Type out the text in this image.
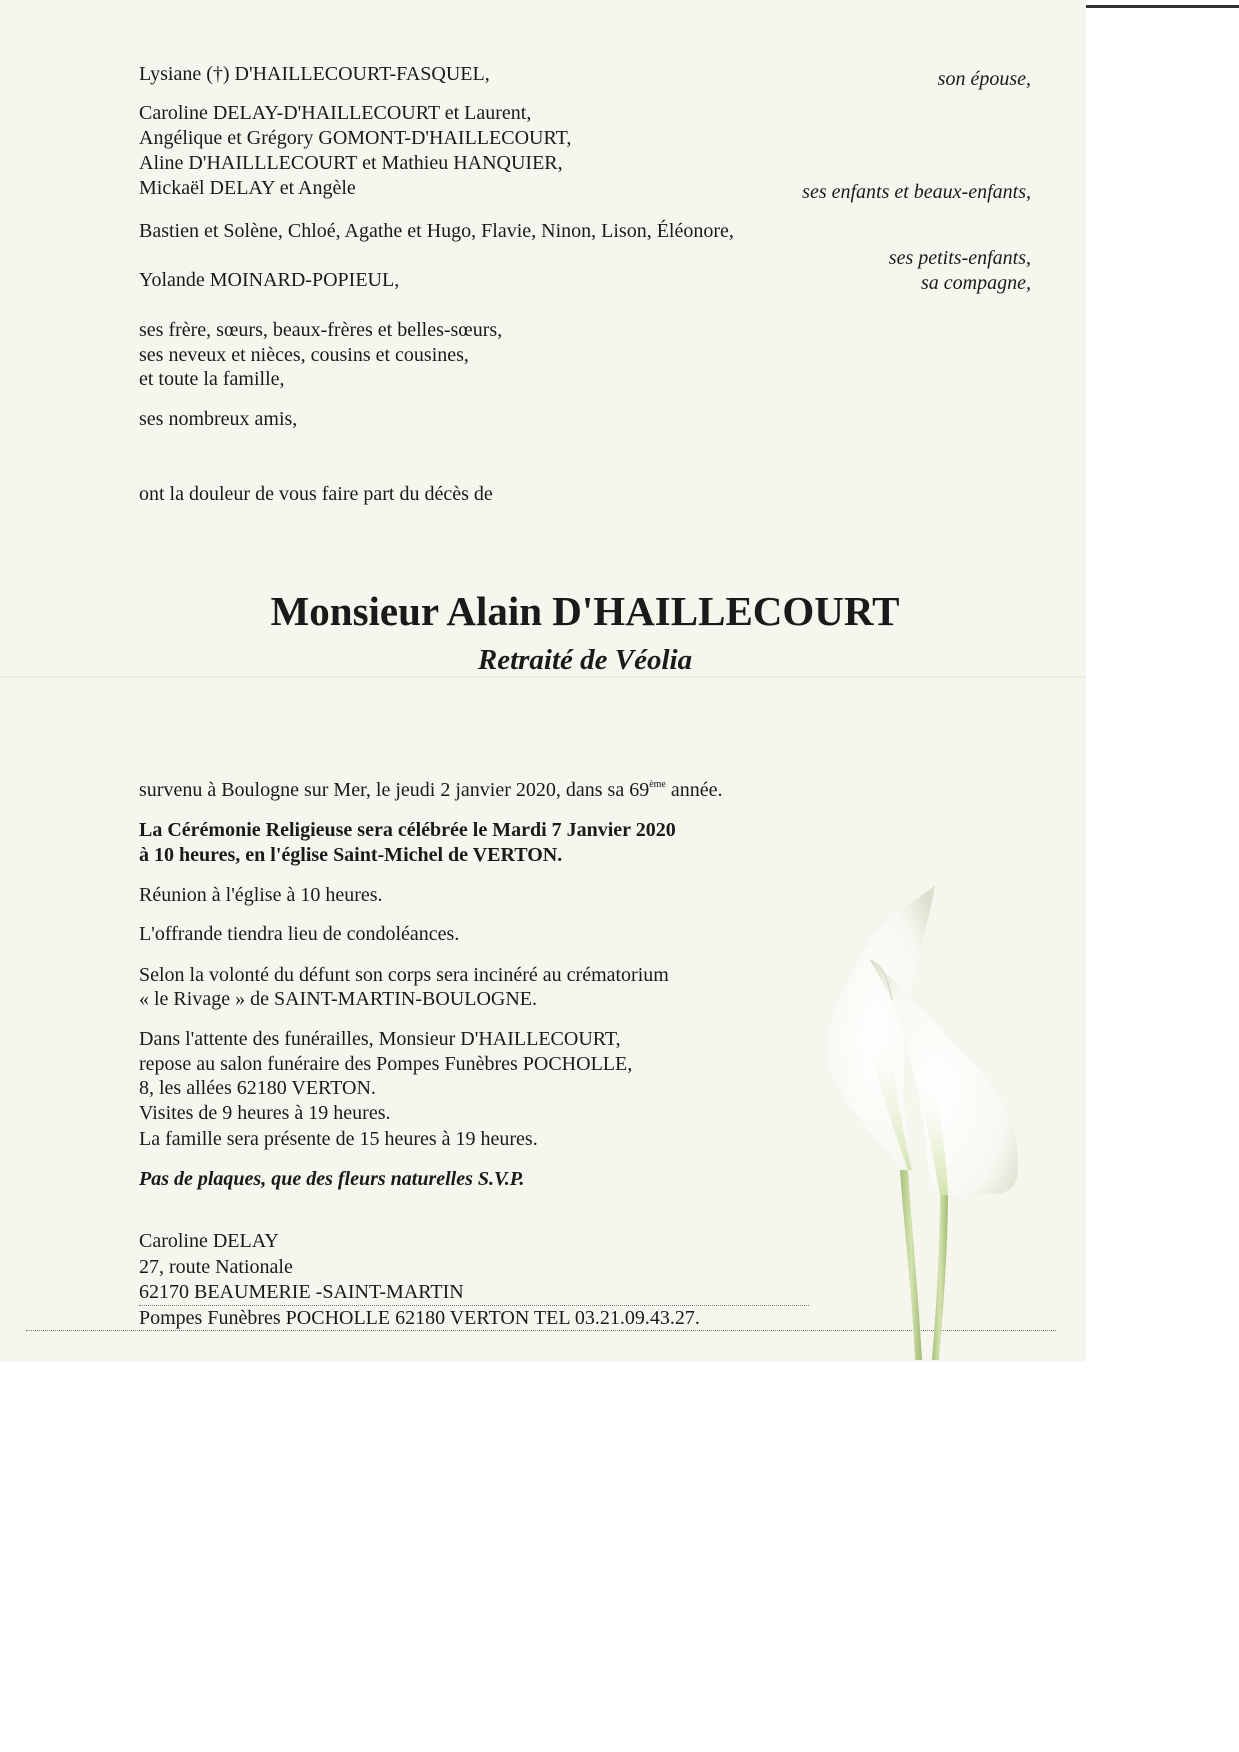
Lysiane (†) D'HAILLECOURT-FASQUEL,	son épouse,
Caroline DELAY-D'HAILLECOURT et Laurent,
Angélique et Grégory GOMONT-D'HAILLECOURT,
Aline D'HAILLLECOURT et Mathieu HANQUIER,
Mickaël DELAY et Angèle	ses enfants et beaux-enfants,
Bastien et Solène, Chloé, Agathe et Hugo, Flavie, Ninon, Lison, Éléonore,
ses petits-enfants,
Yolande MOINARD-POPIEUL,	sa compagne,
ses frère, sœurs, beaux-frères et belles-sœurs,
ses neveux et nièces, cousins et cousines,
et toute la famille,
ses nombreux amis,
ont la douleur de vous faire part du décès de
Monsieur Alain D'HAILLECOURT
Retraité de Véolia
survenu à Boulogne sur Mer, le jeudi 2 janvier 2020, dans sa 69ème année.
La Cérémonie Religieuse sera célébrée le Mardi 7 Janvier 2020
à 10 heures, en l'église Saint-Michel de VERTON.
Réunion à l'église à 10 heures.
L'offrande tiendra lieu de condoléances.
Selon la volonté du défunt son corps sera incinéré au crématorium
« le Rivage » de SAINT-MARTIN-BOULOGNE.
Dans l'attente des funérailles, Monsieur D'HAILLECOURT,
repose au salon funéraire des Pompes Funèbres POCHOLLE,
8, les allées 62180 VERTON.
Visites de 9 heures à 19 heures.
La famille sera présente de 15 heures à 19 heures.
Pas de plaques, que des fleurs naturelles S.V.P.
Caroline DELAY
27, route Nationale
62170 BEAUMERIE -SAINT-MARTIN
Pompes Funèbres POCHOLLE 62180 VERTON TEL 03.21.09.43.27.
